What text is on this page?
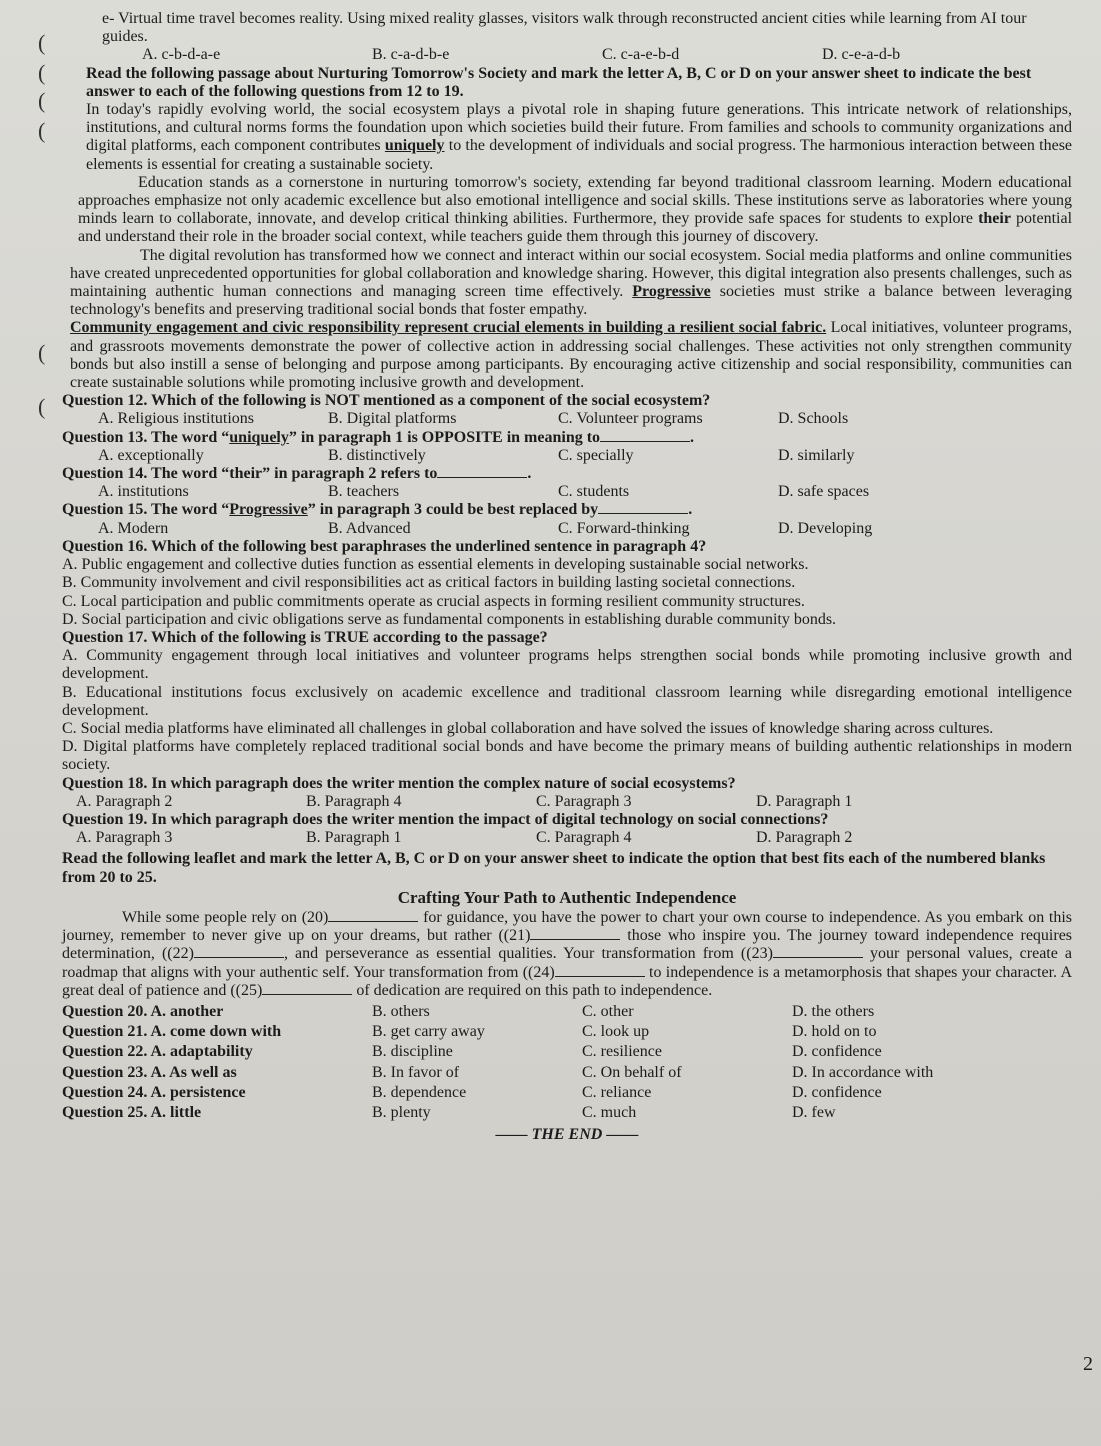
(
(
(
(
(
(

e- Virtual time travel becomes reality. Using mixed reality glasses, visitors walk through reconstructed ancient cities while learning from AI tour guides.

A. c-b-d-a-e	B. c-a-d-b-e	C. c-a-e-b-d	D. c-e-a-d-b

Read the following passage about Nurturing Tomorrow's Society and mark the letter A, B, C or D on your answer sheet to indicate the best answer to each of the following questions from 12 to 19.

In today's rapidly evolving world, the social ecosystem plays a pivotal role in shaping future generations. This intricate network of relationships, institutions, and cultural norms forms the foundation upon which societies build their future. From families and schools to community organizations and digital platforms, each component contributes uniquely to the development of individuals and social progress. The harmonious interaction between these elements is essential for creating a sustainable society.

Education stands as a cornerstone in nurturing tomorrow's society, extending far beyond traditional classroom learning. Modern educational approaches emphasize not only academic excellence but also emotional intelligence and social skills. These institutions serve as laboratories where young minds learn to collaborate, innovate, and develop critical thinking abilities. Furthermore, they provide safe spaces for students to explore their potential and understand their role in the broader social context, while teachers guide them through this journey of discovery.

The digital revolution has transformed how we connect and interact within our social ecosystem. Social media platforms and online communities have created unprecedented opportunities for global collaboration and knowledge sharing. However, this digital integration also presents challenges, such as maintaining authentic human connections and managing screen time effectively. Progressive societies must strike a balance between leveraging technology's benefits and preserving traditional social bonds that foster empathy.

Community engagement and civic responsibility represent crucial elements in building a resilient social fabric. Local initiatives, volunteer programs, and grassroots movements demonstrate the power of collective action in addressing social challenges. These activities not only strengthen community bonds but also instill a sense of belonging and purpose among participants. By encouraging active citizenship and social responsibility, communities can create sustainable solutions while promoting inclusive growth and development.

Question 12. Which of the following is NOT mentioned as a component of the social ecosystem?

A. Religious institutions	B. Digital platforms	C. Volunteer programs	D. Schools

Question 13. The word “uniquely” in paragraph 1 is OPPOSITE in meaning to	.

A. exceptionally	B. distinctively	C. specially	D. similarly

Question 14. The word “their” in paragraph 2 refers to	.

A. institutions	B. teachers	C. students	D. safe spaces

Question 15. The word “Progressive” in paragraph 3 could be best replaced by	.

A. Modern	B. Advanced	C. Forward-thinking	D. Developing

Question 16. Which of the following best paraphrases the underlined sentence in paragraph 4?

A. Public engagement and collective duties function as essential elements in developing sustainable social networks.

B. Community involvement and civil responsibilities act as critical factors in building lasting societal connections.

C. Local participation and public commitments operate as crucial aspects in forming resilient community structures.

D. Social participation and civic obligations serve as fundamental components in establishing durable community bonds.

Question 17. Which of the following is TRUE according to the passage?

A. Community engagement through local initiatives and volunteer programs helps strengthen social bonds while promoting inclusive growth and development.

B. Educational institutions focus exclusively on academic excellence and traditional classroom learning while disregarding emotional intelligence development.

C. Social media platforms have eliminated all challenges in global collaboration and have solved the issues of knowledge sharing across cultures.

D. Digital platforms have completely replaced traditional social bonds and have become the primary means of building authentic relationships in modern society.

Question 18. In which paragraph does the writer mention the complex nature of social ecosystems?

A. Paragraph 2	B. Paragraph 4	C. Paragraph 3	D. Paragraph 1

Question 19. In which paragraph does the writer mention the impact of digital technology on social connections?

A. Paragraph 3	B. Paragraph 1	C. Paragraph 4	D. Paragraph 2

Read the following leaflet and mark the letter A, B, C or D on your answer sheet to indicate the option that best fits each of the numbered blanks from 20 to 25.

Crafting Your Path to Authentic Independence

While some people rely on (20)	for guidance, you have the power to chart your own course to independence. As you embark on this journey, remember to never give up on your dreams, but rather ((21)	those who inspire you. The journey toward independence requires determination, ((22)	, and perseverance as essential qualities. Your transformation from ((23)	your personal values, create a roadmap that aligns with your authentic self. Your transformation from ((24)	to independence is a metamorphosis that shapes your character. A great deal of patience and ((25)	of dedication are required on this path to independence.

Question 20. A. another	B. others	C. other	D. the others
Question 21. A. come down with	B. get carry away	C. look up	D. hold on to
Question 22. A. adaptability	B. discipline	C. resilience	D. confidence
Question 23. A. As well as	B. In favor of	C. On behalf of	D. In accordance with
Question 24. A. persistence	B. dependence	C. reliance	D. confidence
Question 25. A. little	B. plenty	C. much	D. few

—— THE END ——

2
